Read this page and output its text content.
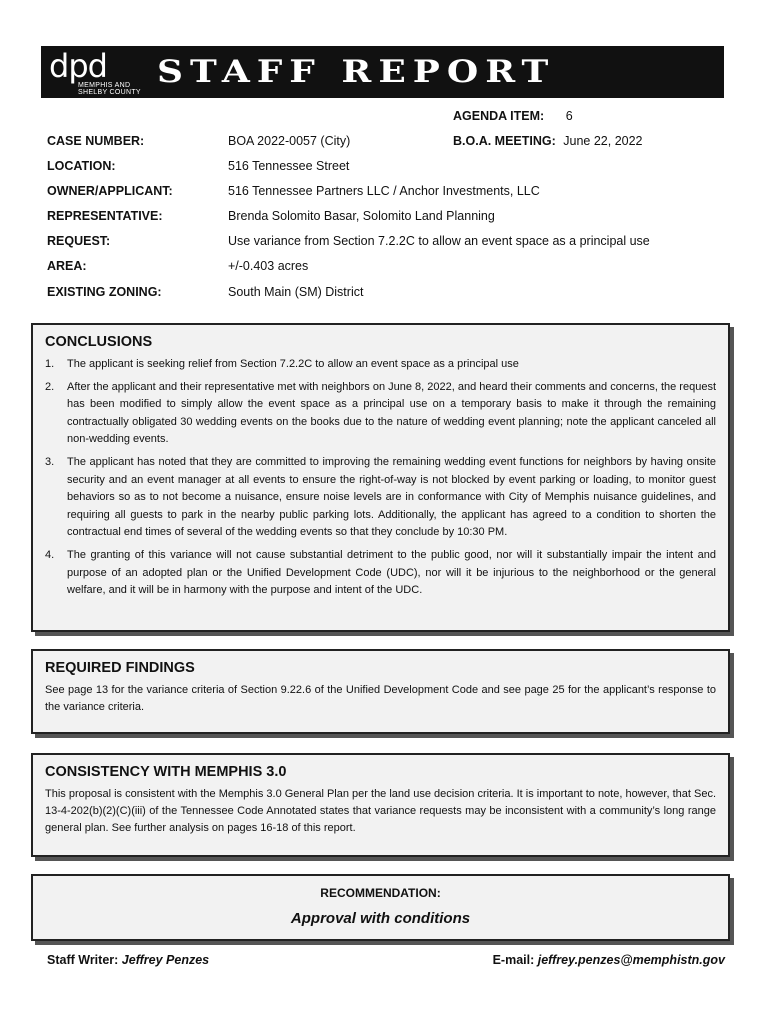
dpd
MEMPHIS AND
SHELBY COUNTY
STAFF REPORT
AGENDA ITEM: 6
CASE NUMBER:	BOA 2022-0057 (City)	B.O.A. MEETING: June 22, 2022
LOCATION:	516 Tennessee Street
OWNER/APPLICANT:	516 Tennessee Partners LLC / Anchor Investments, LLC
REPRESENTATIVE:	Brenda Solomito Basar, Solomito Land Planning
REQUEST:	Use variance from Section 7.2.2C to allow an event space as a principal use
AREA:	+/-0.403 acres
EXISTING ZONING:	South Main (SM) District
CONCLUSIONS
1. The applicant is seeking relief from Section 7.2.2C to allow an event space as a principal use
2. After the applicant and their representative met with neighbors on June 8, 2022, and heard their comments and concerns, the request has been modified to simply allow the event space as a principal use on a temporary basis to make it through the remaining contractually obligated 30 wedding events on the books due to the nature of wedding event planning; note the applicant canceled all non-wedding events.
3. The applicant has noted that they are committed to improving the remaining wedding event functions for neighbors by having onsite security and an event manager at all events to ensure the right-of-way is not blocked by event parking or loading, to monitor guest behaviors so as to not become a nuisance, ensure noise levels are in conformance with City of Memphis nuisance guidelines, and requiring all guests to park in the nearby public parking lots. Additionally, the applicant has agreed to a condition to shorten the contractual end times of several of the wedding events so that they conclude by 10:30 PM.
4. The granting of this variance will not cause substantial detriment to the public good, nor will it substantially impair the intent and purpose of an adopted plan or the Unified Development Code (UDC), nor will it be injurious to the neighborhood or the general welfare, and it will be in harmony with the purpose and intent of the UDC.
REQUIRED FINDINGS

See page 13 for the variance criteria of Section 9.22.6 of the Unified Development Code and see page 25 for the applicant’s response to the variance criteria.

CONSISTENCY WITH MEMPHIS 3.0

This proposal is consistent with the Memphis 3.0 General Plan per the land use decision criteria. It is important to note, however, that Sec. 13-4-202(b)(2)(C)(iii) of the Tennessee Code Annotated states that variance requests may be inconsistent with a community’s long range general plan. See further analysis on pages 16-18 of this report.

RECOMMENDATION:
Approval with conditions
Staff Writer: Jeffrey Penzes	E-mail: jeffrey.penzes@memphistn.gov
